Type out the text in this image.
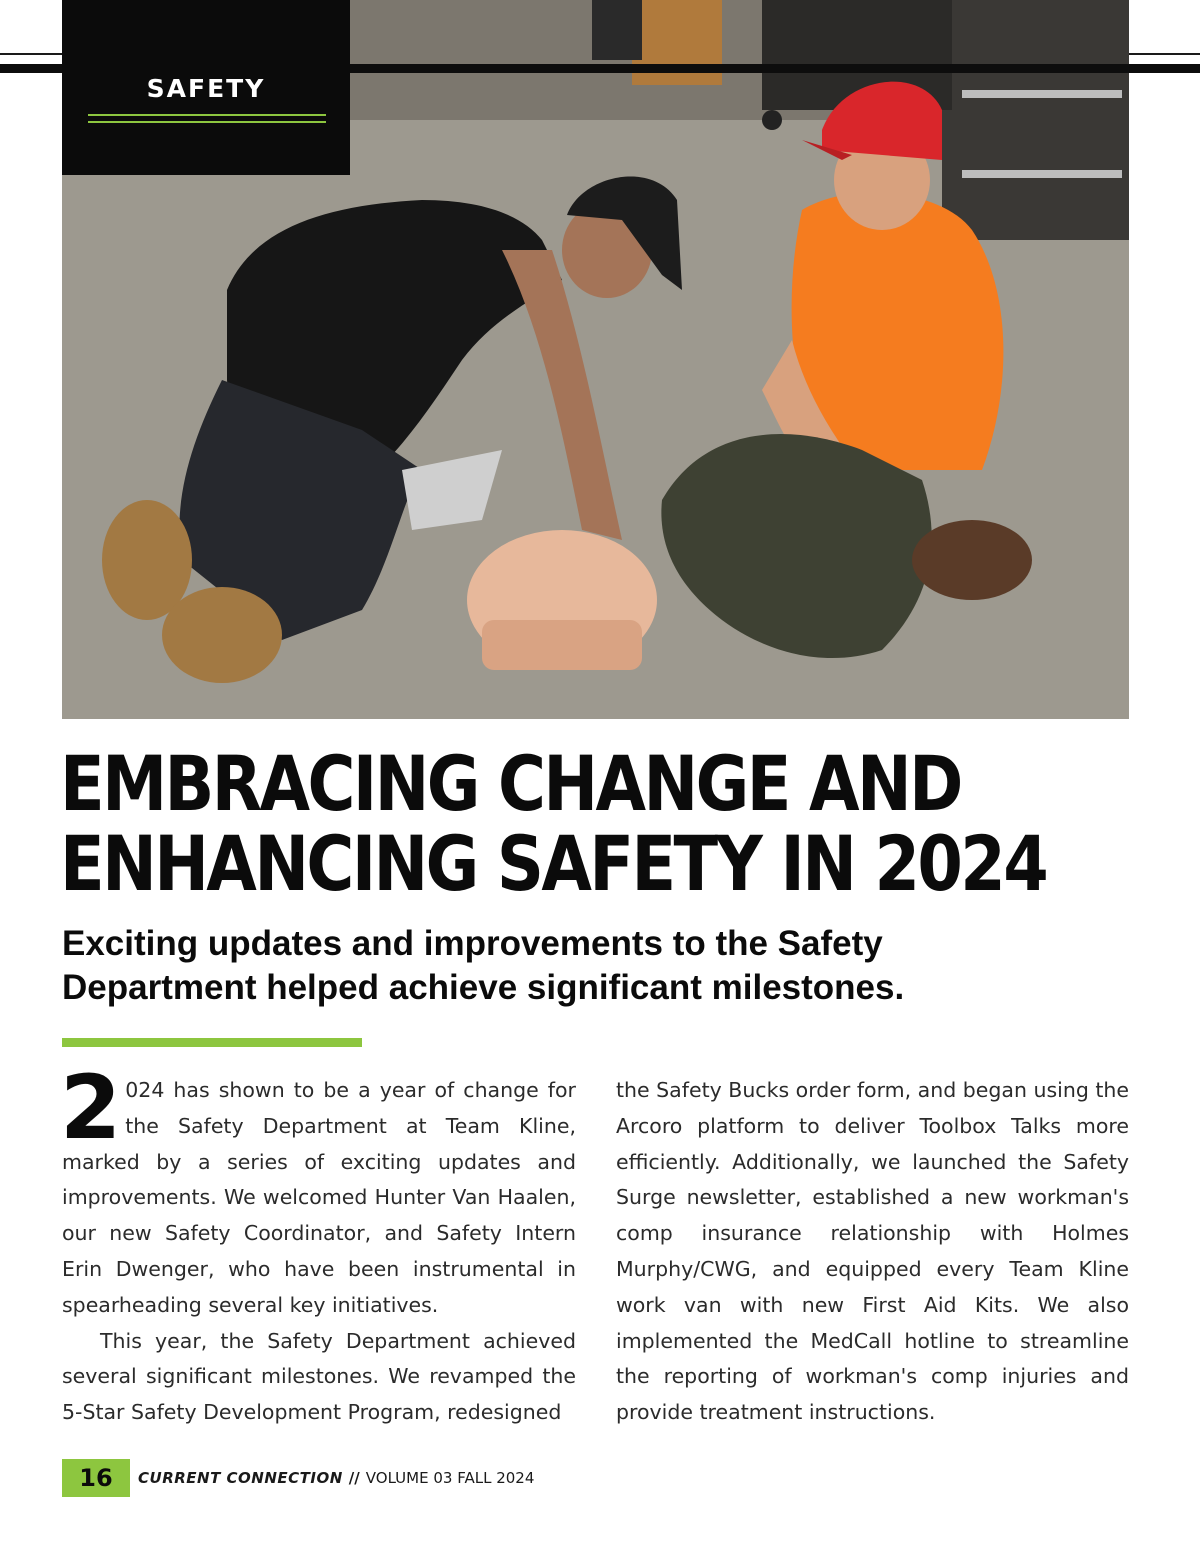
SAFETY
EMBRACING CHANGE AND
ENHANCING SAFETY IN 2024
Exciting updates and improvements to the Safety
Department helped achieve significant milestones.

2 024 has shown to be a year of change for the Safety Department at Team Kline, marked by a series of exciting updates and improvements. We welcomed Hunter Van Haalen, our new Safety Coordinator, and Safety Intern Erin Dwenger, who have been instrumental in spearheading several key initiatives.

This year, the Safety Department achieved several significant milestones. We revamped the 5-Star Safety Development Program, redesigned

the Safety Bucks order form, and began using the Arcoro platform to deliver Toolbox Talks more efficiently. Additionally, we launched the Safety Surge newsletter, established a new workman's comp insurance relationship with Holmes Murphy/CWG, and equipped every Team Kline work van with new First Aid Kits. We also implemented the MedCall hotline to streamline the reporting of workman's comp injuries and provide treatment instructions.

16	CURRENT CONNECTION // VOLUME 03 FALL 2024
